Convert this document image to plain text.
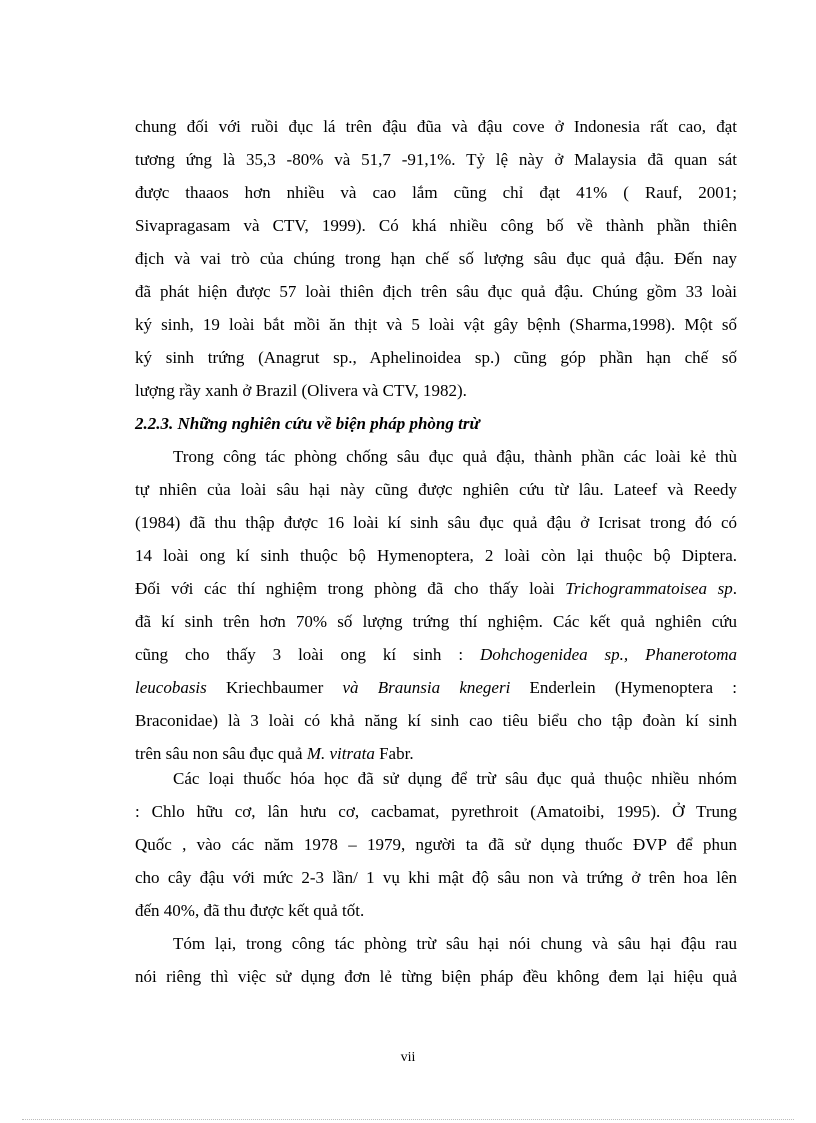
chung đối với ruồi đục lá trên đậu đũa và đậu cove ở Indonesia rất cao, đạt
tương ứng là 35,3 -80% và 51,7 -91,1%. Tỷ lệ này ở Malaysia đã quan sát
được thaaos hơn nhiều và cao lắm cũng chỉ đạt 41% ( Rauf, 2001;
Sivapragasam và CTV, 1999). Có khá nhiều công bố về thành phần thiên
địch và vai trò của chúng trong hạn chế số lượng sâu đục quả đậu. Đến nay
đã phát hiện được 57 loài thiên địch trên sâu đục quả đậu. Chúng gồm 33 loài
ký sinh, 19 loài bắt mồi ăn thịt và 5 loài vật gây bệnh (Sharma,1998). Một số
ký sinh trứng (Anagrut sp., Aphelinoidea sp.) cũng góp phần hạn chế số
lượng rầy xanh ở Brazil (Olivera và CTV, 1982).
2.2.3. Những nghiên cứu về biện pháp phòng trừ
Trong công tác phòng chống sâu đục quả đậu, thành phần các loài kẻ thù
tự nhiên của loài sâu hại này cũng được nghiên cứu từ lâu. Lateef và Reedy
(1984) đã thu thập được 16 loài kí sinh sâu đục quả đậu ở Icrisat trong đó có
14 loài ong kí sinh thuộc bộ Hymenoptera, 2 loài còn lại thuộc bộ Diptera.
Đối với các thí nghiệm trong phòng đã cho thấy loài Trichogrammatoisea sp.
đã kí sinh trên hơn 70% số lượng trứng thí nghiệm. Các kết quả nghiên cứu
cũng cho thấy 3 loài ong kí sinh : Dohchogenidea sp., Phanerotoma
leucobasis Kriechbaumer và Braunsia knegeri Enderlein (Hymenoptera :
Braconidae) là 3 loài có khả năng kí sinh cao tiêu biểu cho tập đoàn kí sinh
trên sâu non sâu đục quả M. vitrata Fabr.
Các loại thuốc hóa học đã sử dụng để trừ sâu đục quả thuộc nhiều nhóm
: Chlo hữu cơ, lân hưu cơ, cacbamat, pyrethroit (Amatoibi, 1995). Ở Trung
Quốc , vào các năm 1978 – 1979, người ta đã sử dụng thuốc ĐVP để phun
cho cây đậu với mức 2-3 lần/ 1 vụ khi mật độ sâu non và trứng ở trên hoa lên
đến 40%, đã thu được kết quả tốt.
Tóm lại, trong công tác phòng trừ sâu hại nói chung và sâu hại đậu rau
nói riêng thì việc sử dụng đơn lẻ từng biện pháp đều không đem lại hiệu quả
vii
